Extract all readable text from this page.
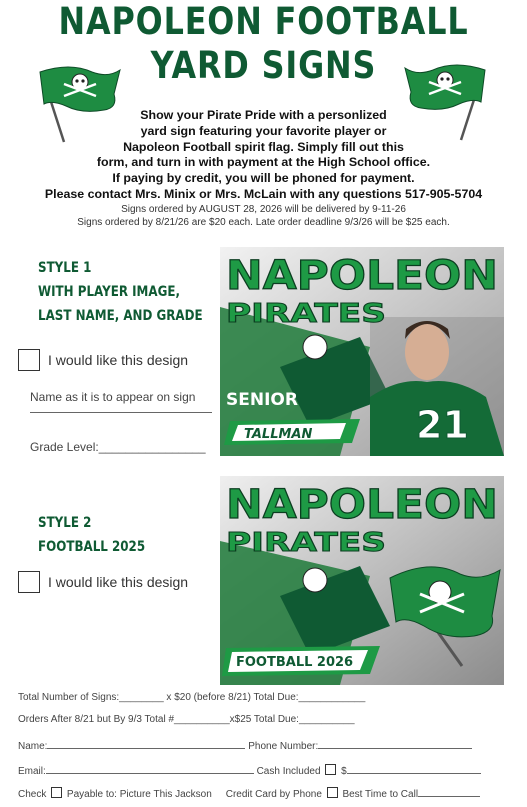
NAPOLEON FOOTBALL
YARD SIGNS
Show your Pirate Pride with a personlized
yard sign featuring your favorite player or
Napoleon Football spirit flag. Simply fill out this
form, and turn in with payment at the High School office.
If paying by credit, you will be phoned for payment.
Please contact Mrs. Minix or Mrs. McLain with any questions 517-905-5704
Signs ordered by AUGUST 28, 2026 will be delivered by 9-11-26
Signs ordered by 8/21/26 are $20 each. Late order deadline 9/3/26 will be $25 each.
STYLE 1
WITH PLAYER IMAGE,
LAST NAME, AND GRADE
I would like this design
Name as it is to appear on sign
Grade Level:________________	21
NAPOLEON
PIRATES
SENIOR
TALLMAN
STYLE 2
FOOTBALL 2025
I would like this design
NAPOLEON
PIRATES
FOOTBALL 2026
Total Number of Signs:________ x $20 (before 8/21) Total Due:____________
Orders After 8/21 but By 9/3 Total #__________x$25 Total Due:__________
Name:	Phone Number:
Email:	Cash Included $
Check Payable to: Picture This Jackson Credit Card by Phone Best Time to Call
